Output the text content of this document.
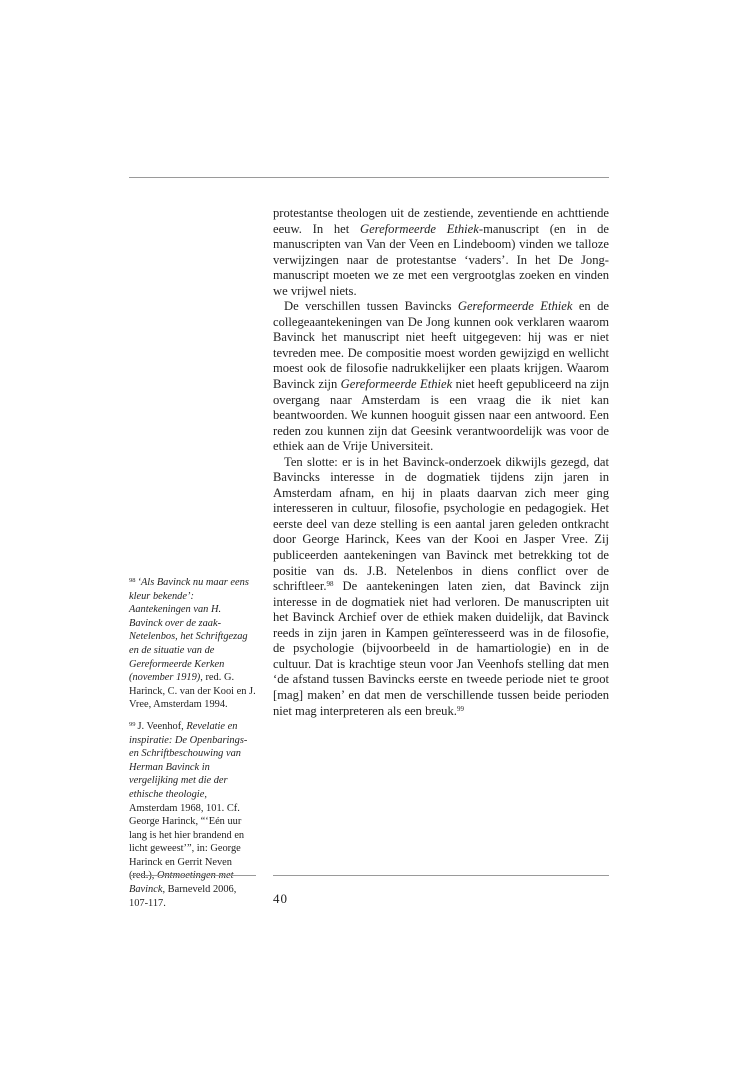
protestantse theologen uit de zestiende, zeventiende en achttiende eeuw. In het Gereformeerde Ethiek-manuscript (en in de manuscripten van Van der Veen en Lindeboom) vinden we talloze verwijzingen naar de protestantse ‘vaders’. In het De Jong-manuscript moeten we ze met een vergrootglas zoeken en vinden we vrijwel niets.

De verschillen tussen Bavincks Gereformeerde Ethiek en de collegeaantekeningen van De Jong kunnen ook verklaren waarom Bavinck het manuscript niet heeft uitgegeven: hij was er niet tevreden mee. De compositie moest worden gewijzigd en wellicht moest ook de filosofie nadrukkelijker een plaats krijgen. Waarom Bavinck zijn Gereformeerde Ethiek niet heeft gepubliceerd na zijn overgang naar Amsterdam is een vraag die ik niet kan beantwoorden. We kunnen hooguit gissen naar een antwoord. Een reden zou kunnen zijn dat Geesink verantwoordelijk was voor de ethiek aan de Vrije Universiteit.

Ten slotte: er is in het Bavinck-onderzoek dikwijls gezegd, dat Bavincks interesse in de dogmatiek tijdens zijn jaren in Amsterdam afnam, en hij in plaats daarvan zich meer ging interesseren in cultuur, filosofie, psychologie en pedagogiek. Het eerste deel van deze stelling is een aantal jaren geleden ontkracht door George Harinck, Kees van der Kooi en Jasper Vree. Zij publiceerden aantekeningen van Bavinck met betrekking tot de positie van ds. J.B. Netelenbos in diens conflict over de schriftleer.$^{98}$ De aantekeningen laten zien, dat Bavinck zijn interesse in de dogmatiek niet had verloren. De manuscripten uit het Bavinck Archief over de ethiek maken duidelijk, dat Bavinck reeds in zijn jaren in Kampen geïnteresseerd was in de filosofie, de psychologie (bijvoorbeeld in de hamartiologie) en in de cultuur. Dat is krachtige steun voor Jan Veenhofs stelling dat men ‘de afstand tussen Bavincks eerste en tweede periode niet te groot [mag] maken’ en dat men de verschillende tussen beide perioden niet mag interpreteren als een breuk.$^{99}$

$^{98}$ ‘Als Bavinck nu maar eens kleur bekende’: Aantekeningen van H. Bavinck over de zaak-Netelenbos, het Schriftgezag en de situatie van de Gereformeerde Kerken (november 1919), red. G. Harinck, C. van der Kooi en J. Vree, Amsterdam 1994.
$^{99}$ J. Veenhof, Revelatie en inspiratie: De Openbarings- en Schriftbeschouwing van Herman Bavinck in vergelijking met die der ethische theologie, Amsterdam 1968, 101. Cf. George Harinck, “‘Eén uur lang is het hier brandend en licht geweest’”, in: George Harinck en Gerrit Neven Bavinck, Barneveld 2006, 107-117.	40
